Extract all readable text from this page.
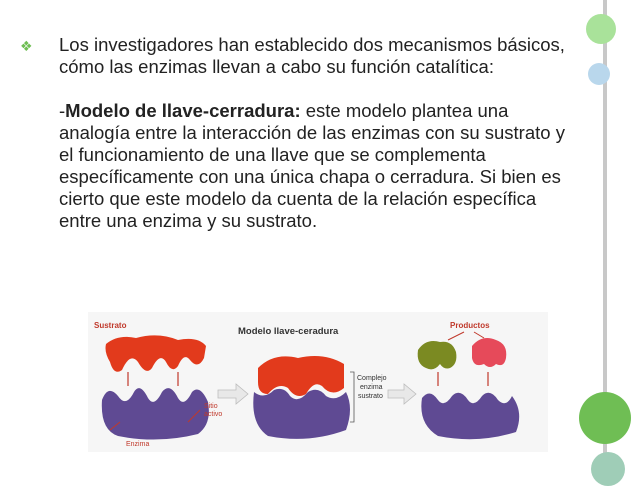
❖ Los investigadores han establecido dos mecanismos básicos, cómo las enzimas llevan a cabo su función catalítica:

-Modelo de llave-cerradura: este modelo plantea una analogía entre la interacción de las enzimas con su sustrato y el funcionamiento de una llave que se complementa específicamente con una única chapa o cerradura. Si bien es cierto que este modelo da cuenta de la relación específica entre una enzima y su sustrato.

Sustrato
Sitio activo
Enzima
Modelo llave-ceradura
Complejo enzima sustrato
Productos
